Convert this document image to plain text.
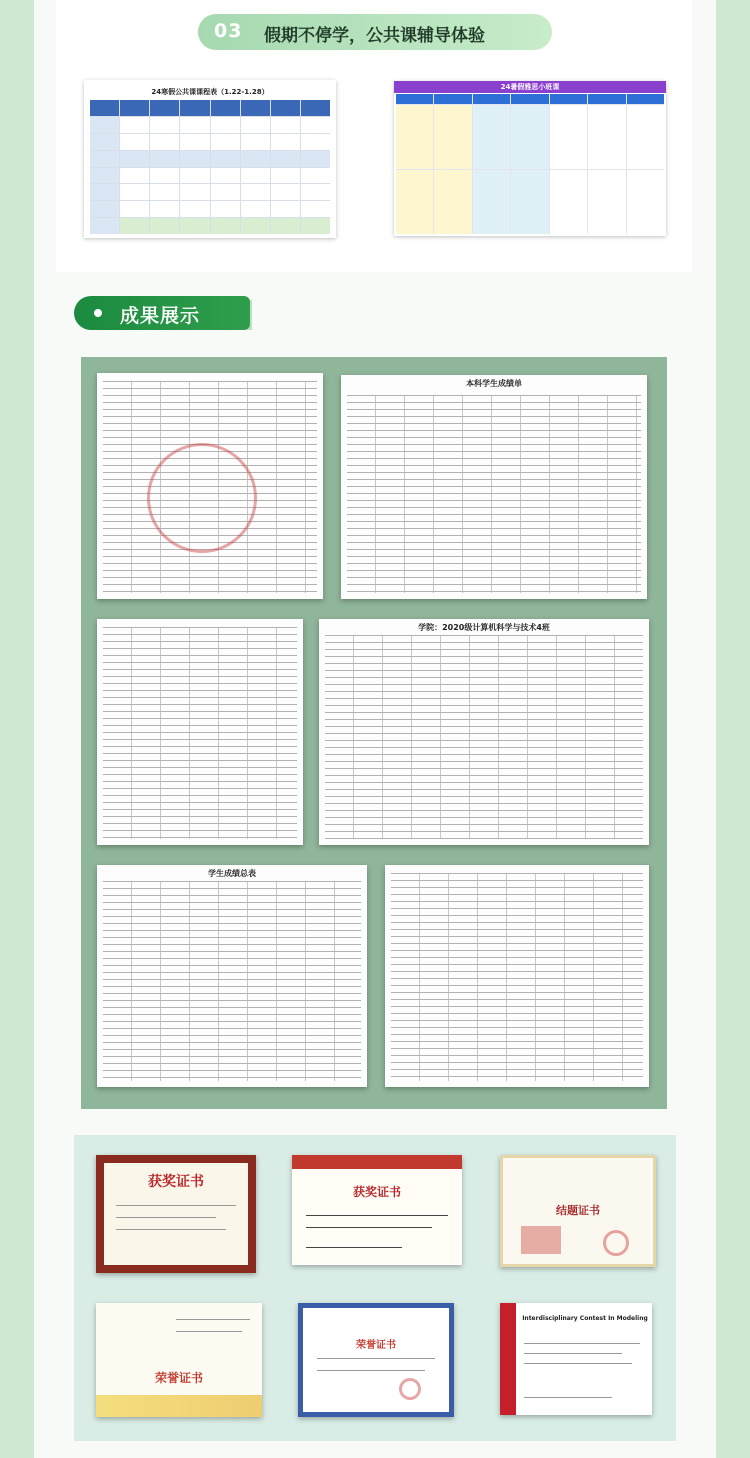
03 假期不停学，公共课辅导体验
24寒假公共课课程表（1.22-1.28）
24暑假雅思小班课
成果展示
本科学生成绩单
学院：2020级计算机科学与技术4班
学生成绩总表
获奖证书
获奖证书
结题证书
荣誉证书
荣誉证书
Interdisciplinary Contest In Modeling
